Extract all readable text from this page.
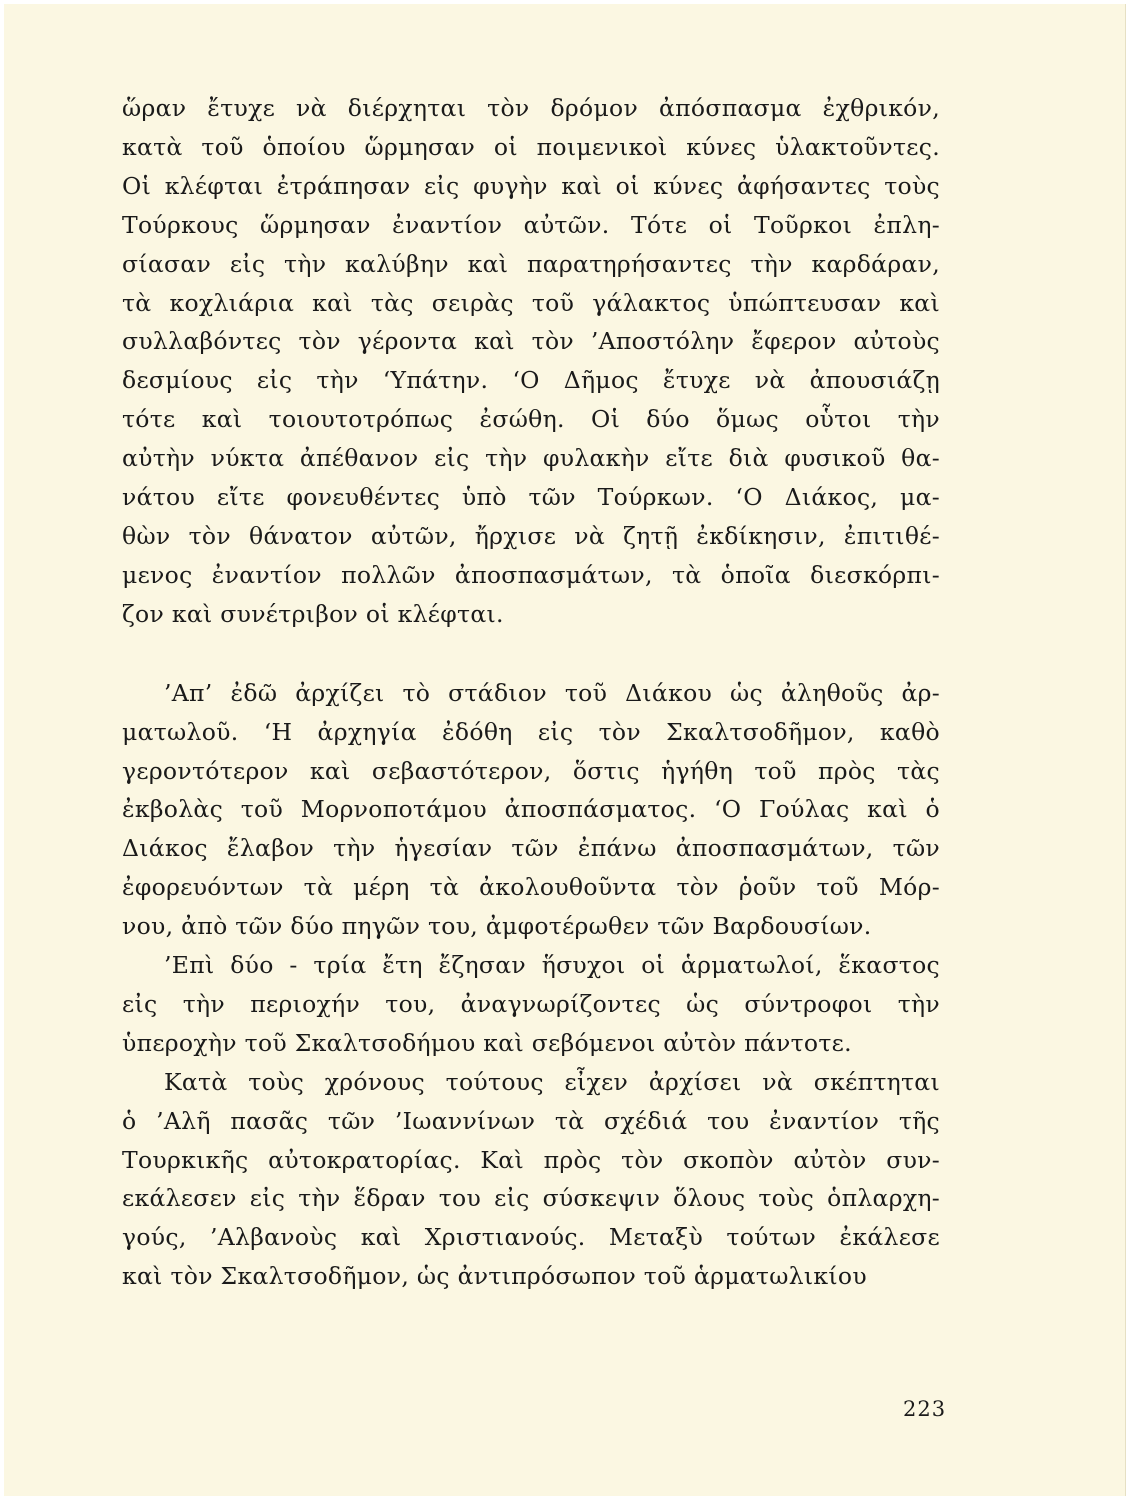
ὥραν ἔτυχε νὰ διέρχηται τὸν δρόμον ἀπόσπασμα ἐχθρικόν,
κατὰ τοῦ ὁποίου ὥρμησαν οἱ ποιμενικοὶ κύνες ὑλακτοῦντες.
Οἱ κλέφται ἐτράπησαν εἰς φυγὴν καὶ οἱ κύνες ἀφήσαντες τοὺς
Τούρκους ὥρμησαν ἐναντίον αὐτῶν. Τότε οἱ Τοῦρκοι ἐπλη-
σίασαν εἰς τὴν καλύβην καὶ παρατηρήσαντες τὴν καρδάραν,
τὰ κοχλιάρια καὶ τὰς σειρὰς τοῦ γάλακτος ὑπώπτευσαν καὶ
συλλαβόντες τὸν γέροντα καὶ τὸν ’Αποστόλην ἔφερον αὐτοὺς
δεσμίους εἰς τὴν ‘Υπάτην. ‘Ο Δῆμος ἔτυχε νὰ ἀπουσιάζῃ
τότε καὶ τοιουτοτρόπως ἐσώθη. Οἱ δύο ὅμως οὗτοι τὴν
αὐτὴν νύκτα ἀπέθανον εἰς τὴν φυλακὴν εἴτε διὰ φυσικοῦ θα-
νάτου εἴτε φονευθέντες ὑπὸ τῶν Τούρκων. ‘Ο Διάκος, μα-
θὼν τὸν θάνατον αὐτῶν, ἤρχισε νὰ ζητῇ ἐκδίκησιν, ἐπιτιθέ-
μενος ἐναντίον πολλῶν ἀποσπασμάτων, τὰ ὁποῖα διεσκόρπι-
ζον καὶ συνέτριβον οἱ κλέφται.
’Απ’ ἐδῶ ἀρχίζει τὸ στάδιον τοῦ Διάκου ὡς ἀληθοῦς ἀρ-
ματωλοῦ. ‘Η ἀρχηγία ἐδόθη εἰς τὸν Σκαλτσοδῆμον, καθὸ
γεροντότερον καὶ σεβαστότερον, ὅστις ἡγήθη τοῦ πρὸς τὰς
ἐκβολὰς τοῦ Μορνοποτάμου ἀποσπάσματος. ‘Ο Γούλας καὶ ὁ
Διάκος ἔλαβον τὴν ἡγεσίαν τῶν ἐπάνω ἀποσπασμάτων, τῶν
ἐφορευόντων τὰ μέρη τὰ ἀκολουθοῦντα τὸν ῥοῦν τοῦ Μόρ-
νου, ἀπὸ τῶν δύο πηγῶν του, ἀμφοτέρωθεν τῶν Βαρδουσίων.
’Επὶ δύο - τρία ἔτη ἔζησαν ἥσυχοι οἱ ἁρματωλοί, ἕκαστος
εἰς τὴν περιοχήν του, ἀναγνωρίζοντες ὡς σύντροφοι τὴν
ὑπεροχὴν τοῦ Σκαλτσοδήμου καὶ σεβόμενοι αὐτὸν πάντοτε.
Κατὰ τοὺς χρόνους τούτους εἶχεν ἀρχίσει νὰ σκέπτηται
ὁ ’Αλῆ πασᾶς τῶν ’Ιωαννίνων τὰ σχέδιά του ἐναντίον τῆς
Τουρκικῆς αὐτοκρατορίας. Καὶ πρὸς τὸν σκοπὸν αὐτὸν συν-
εκάλεσεν εἰς τὴν ἕδραν του εἰς σύσκεψιν ὅλους τοὺς ὁπλαρχη-
γούς, ’Αλβανοὺς καὶ Χριστιανούς. Μεταξὺ τούτων ἐκάλεσε
καὶ τὸν Σκαλτσοδῆμον, ὡς ἀντιπρόσωπον τοῦ ἁρματωλικίου
223
